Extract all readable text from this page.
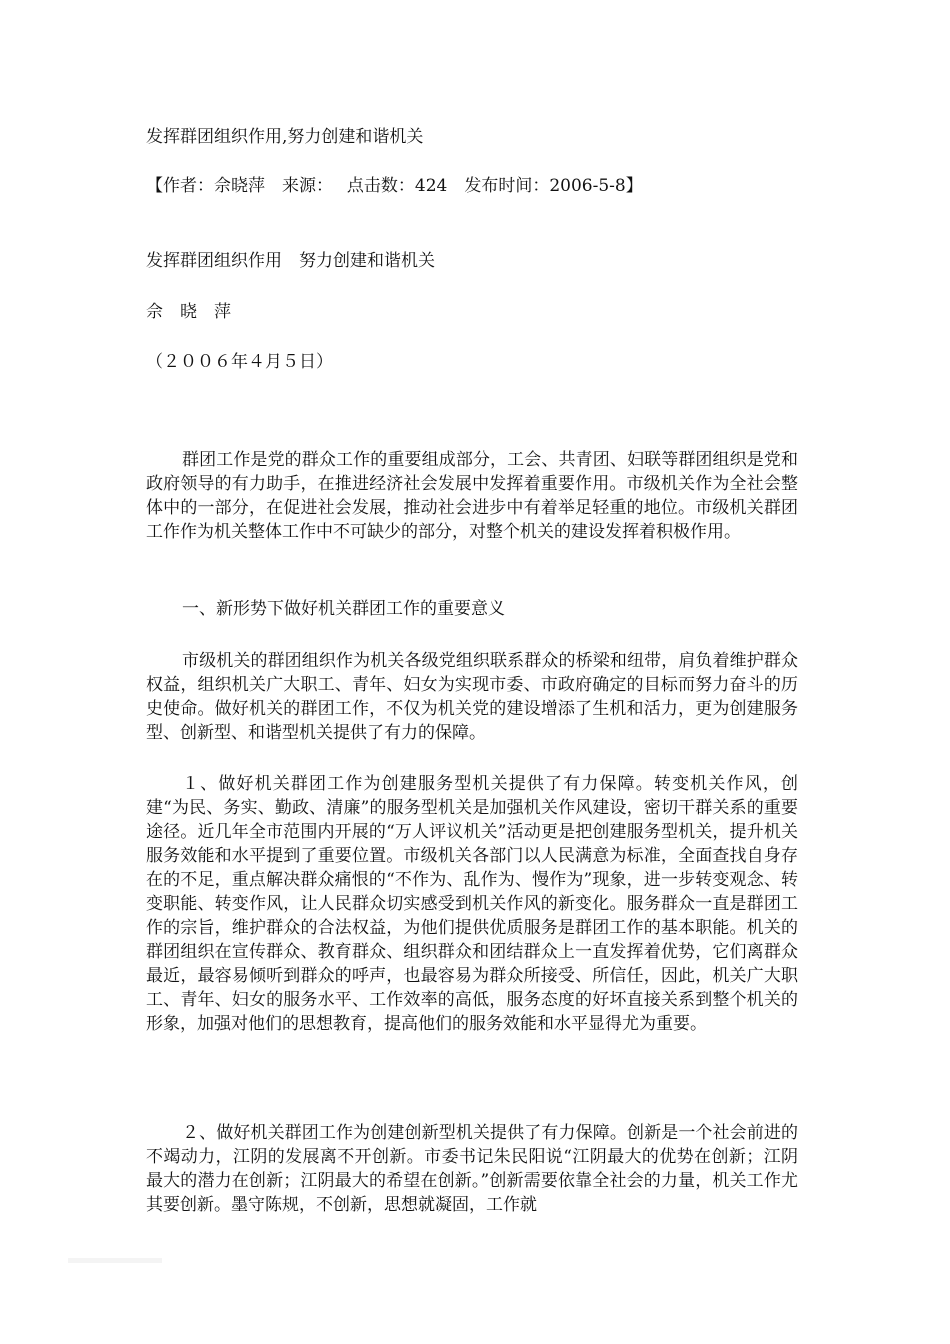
发挥群团组织作用,努力创建和谐机关

【作者：佘晓萍　来源：　 点击数：424　发布时间：2006-5-8】

发挥群团组织作用　努力创建和谐机关

佘　晓　萍

（２００６年４月５日）

群团工作是党的群众工作的重要组成部分，工会、共青团、妇联等群团组织是党和政府领导的有力助手，在推进经济社会发展中发挥着重要作用。市级机关作为全社会整体中的一部分，在促进社会发展，推动社会进步中有着举足轻重的地位。市级机关群团工作作为机关整体工作中不可缺少的部分，对整个机关的建设发挥着积极作用。

一、新形势下做好机关群团工作的重要意义

市级机关的群团组织作为机关各级党组织联系群众的桥梁和纽带，肩负着维护群众权益，组织机关广大职工、青年、妇女为实现市委、市政府确定的目标而努力奋斗的历史使命。做好机关的群团工作，不仅为机关党的建设增添了生机和活力，更为创建服务型、创新型、和谐型机关提供了有力的保障。

１、做好机关群团工作为创建服务型机关提供了有力保障。转变机关作风，创建“为民、务实、勤政、清廉”的服务型机关是加强机关作风建设，密切干群关系的重要途径。近几年全市范围内开展的“万人评议机关”活动更是把创建服务型机关，提升机关服务效能和水平提到了重要位置。市级机关各部门以人民满意为标准，全面查找自身存在的不足，重点解决群众痛恨的“不作为、乱作为、慢作为”现象，进一步转变观念、转变职能、转变作风，让人民群众切实感受到机关作风的新变化。服务群众一直是群团工作的宗旨，维护群众的合法权益，为他们提供优质服务是群团工作的基本职能。机关的群团组织在宣传群众、教育群众、组织群众和团结群众上一直发挥着优势，它们离群众最近，最容易倾听到群众的呼声，也最容易为群众所接受、所信任，因此，机关广大职工、青年、妇女的服务水平、工作效率的高低，服务态度的好坏直接关系到整个机关的形象，加强对他们的思想教育，提高他们的服务效能和水平显得尤为重要。

２、做好机关群团工作为创建创新型机关提供了有力保障。创新是一个社会前进的不竭动力，江阴的发展离不开创新。市委书记朱民阳说“江阴最大的优势在创新；江阴最大的潜力在创新；江阴最大的希望在创新。”创新需要依靠全社会的力量，机关工作尤其要创新。墨守陈规，不创新，思想就凝固，工作就
